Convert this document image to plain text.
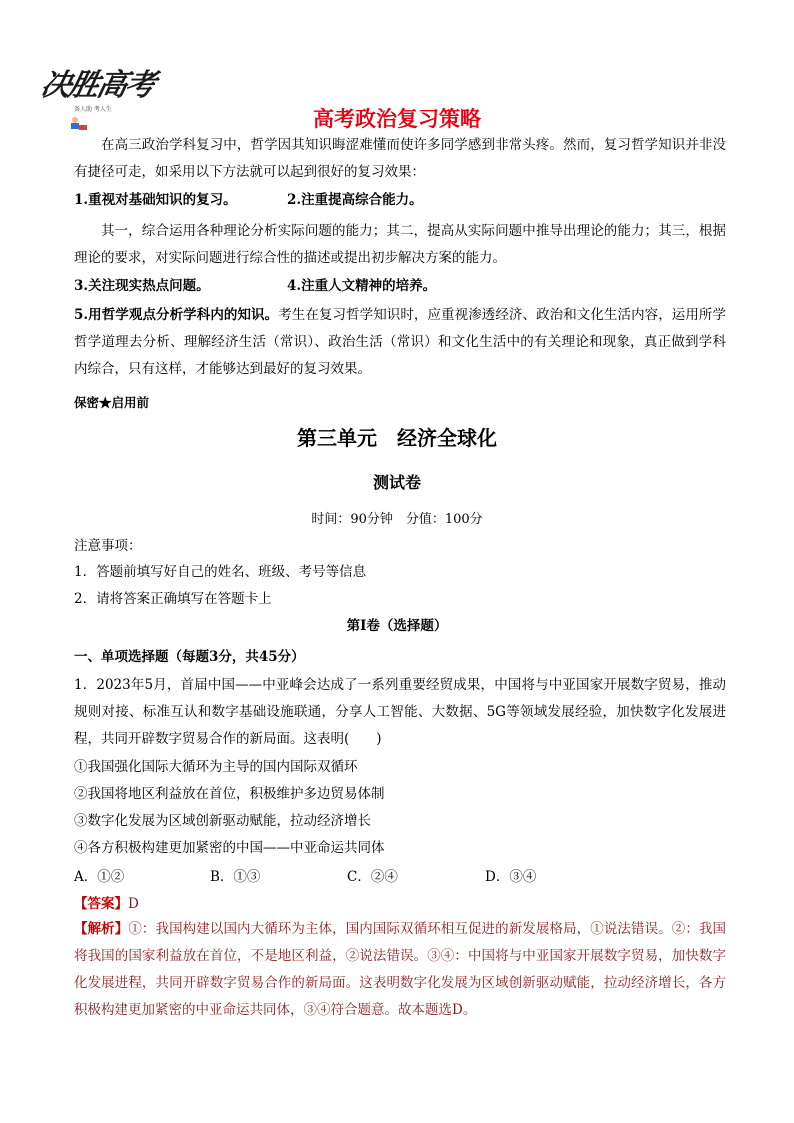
决胜高考
备人助 考人生	高考政治复习策略
在高三政治学科复习中，哲学因其知识晦涩难懂而使许多同学感到非常头疼。然而，复习哲学知识并非没有捷径可走，如采用以下方法就可以起到很好的复习效果：
1.重视对基础知识的复习。	2.注重提高综合能力。
其一，综合运用各种理论分析实际问题的能力；其二，提高从实际问题中推导出理论的能力；其三，根据理论的要求，对实际问题进行综合性的描述或提出初步解决方案的能力。
3.关注现实热点问题。	4.注重人文精神的培养。
5.用哲学观点分析学科内的知识。考生在复习哲学知识时，应重视渗透经济、政治和文化生活内容，运用所学哲学道理去分析、理解经济生活（常识）、政治生活（常识）和文化生活中的有关理论和现象，真正做到学科内综合，只有这样，才能够达到最好的复习效果。
保密★启用前
第三单元　经济全球化
测试卷
时间：90分钟　分值：100分
注意事项：
1．答题前填写好自己的姓名、班级、考号等信息
2．请将答案正确填写在答题卡上
第Ⅰ卷（选择题）
一、单项选择题（每题3分，共45分）
1．2023年5月，首届中国——中亚峰会达成了一系列重要经贸成果，中国将与中亚国家开展数字贸易，推动规则对接、标准互认和数字基础设施联通，分享人工智能、大数据、5G等领域发展经验，加快数字化发展进程，共同开辟数字贸易合作的新局面。这表明(　　)
①我国强化国际大循环为主导的国内国际双循环
②我国将地区利益放在首位，积极维护多边贸易体制
③数字化发展为区域创新驱动赋能，拉动经济增长
④各方积极构建更加紧密的中国——中亚命运共同体
A．①②	B．①③	C．②④	D．③④
【答案】D
【解析】①：我国构建以国内大循环为主体，国内国际双循环相互促进的新发展格局，①说法错误。②：我国将我国的国家利益放在首位，不是地区利益，②说法错误。③④：中国将与中亚国家开展数字贸易，加快数字化发展进程，共同开辟数字贸易合作的新局面。这表明数字化发展为区域创新驱动赋能，拉动经济增长，各方积极构建更加紧密的中亚命运共同体，③④符合题意。故本题选D。
